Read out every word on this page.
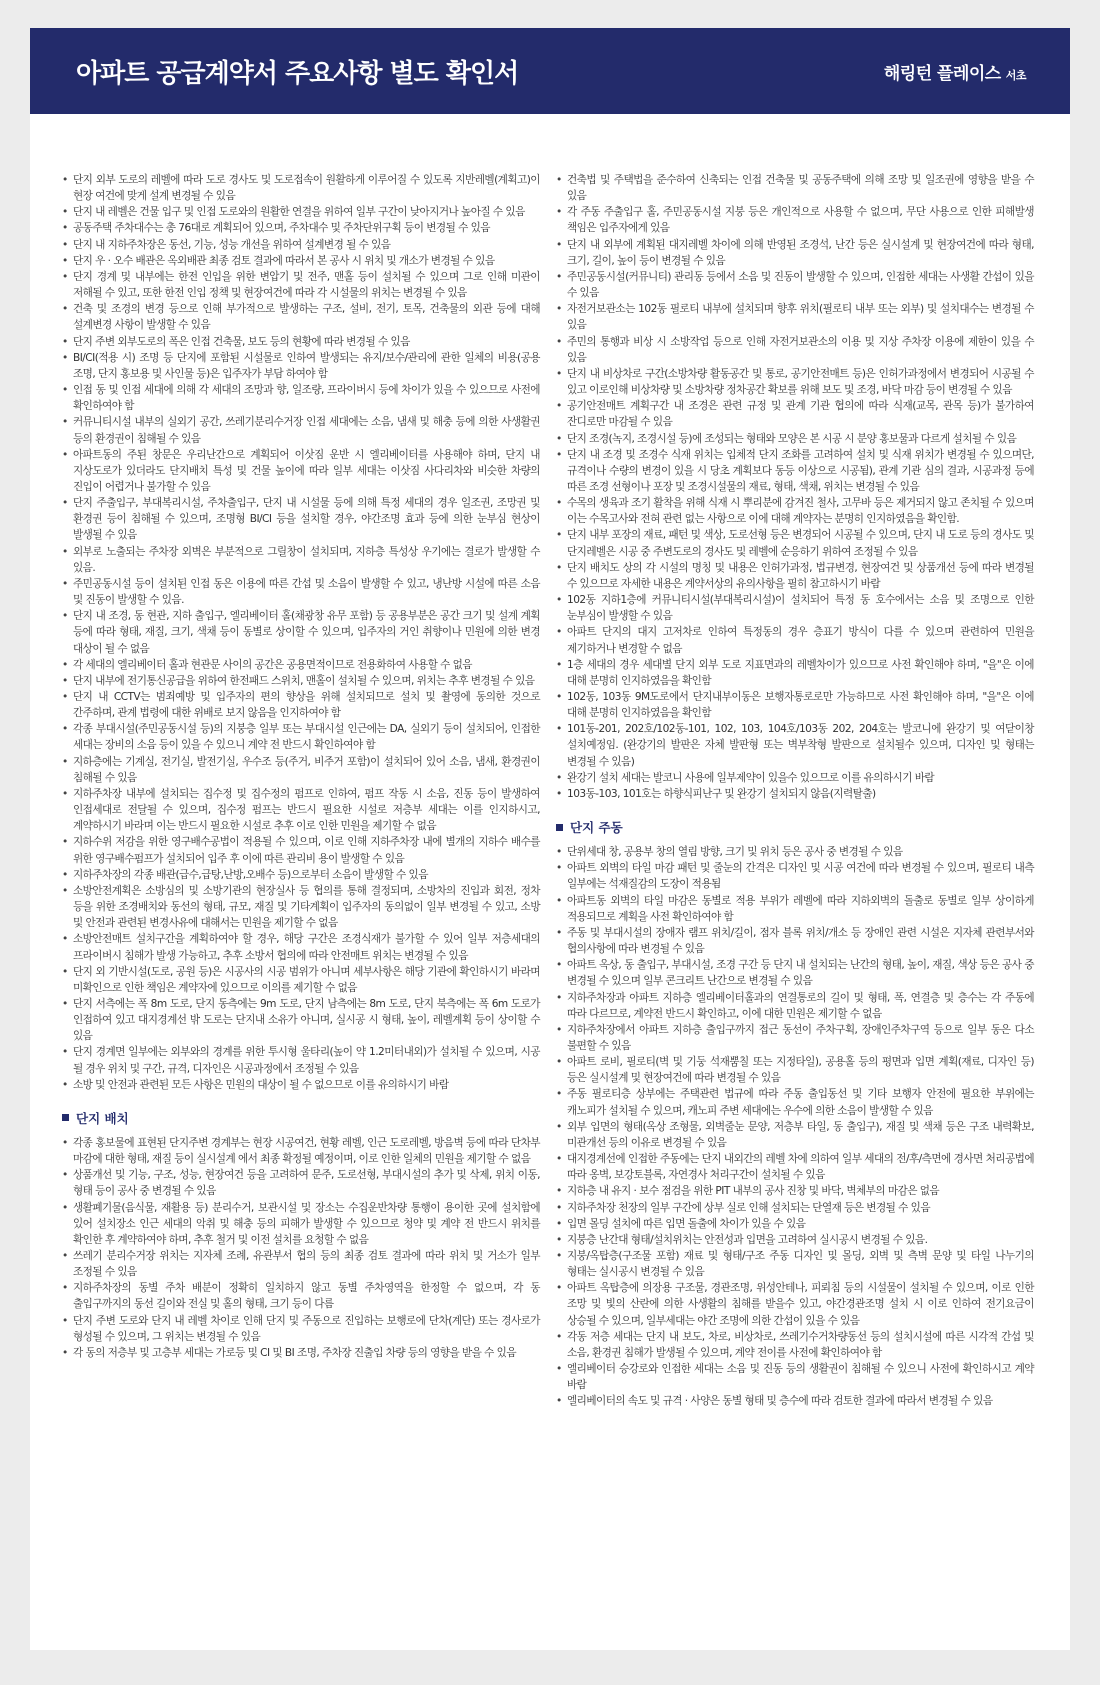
아파트 공급계약서 주요사항 별도 확인서	해링턴 플레이스 서초
• 단지 외부 도로의 레벨에 따라 도로 경사도 및 도로접속이 원활하게 이루어질 수 있도록 지반레벨(계획고)이 현장 여건에 맞게 설계 변경될 수 있음
• 단지 내 레벨은 건물 입구 및 인접 도로와의 원활한 연결을 위하여 일부 구간이 낮아지거나 높아질 수 있음
• 공동주택 주차대수는 총 76대로 계획되어 있으며, 주차대수 및 주차단위구획 등이 변경될 수 있음
• 단지 내 지하주차장은 동선, 기능, 성능 개선을 위하여 설계변경 될 수 있음
• 단지 우 · 오수 배관은 옥외배관 최종 검토 결과에 따라서 본 공사 시 위치 및 개소가 변경될 수 있음
• 단지 경계 및 내부에는 한전 인입을 위한 변압기 및 전주, 맨홀 등이 설치될 수 있으며 그로 인해 미관이 저해될 수 있고, 또한 한전 인입 정책 및 현장여건에 따라 각 시설물의 위치는 변경될 수 있음
• 건축 및 조경의 변경 등으로 인해 부가적으로 발생하는 구조, 설비, 전기, 토목, 건축물의 외관 등에 대해 설계변경 사항이 발생할 수 있음
• 단지 주변 외부도로의 폭은 인접 건축물, 보도 등의 현황에 따라 변경될 수 있음
• BI/CI(적용 시) 조명 등 단지에 포함된 시설물로 인하여 발생되는 유지/보수/관리에 관한 일체의 비용(공용 조명, 단지 홍보용 및 사인물 등)은 입주자가 부담 하여야 함
• 인접 동 및 인접 세대에 의해 각 세대의 조망과 향, 일조량, 프라이버시 등에 차이가 있을 수 있으므로 사전에 확인하여야 함
• 커뮤니티시설 내부의 실외기 공간, 쓰레기분리수거장 인접 세대에는 소음, 냄새 및 해충 등에 의한 사생활권 등의 환경권이 침해될 수 있음
• 아파트동의 주된 창문은 우리난간으로 계획되어 이삿짐 운반 시 엘리베이터를 사용해야 하며, 단지 내 지상도로가 있더라도 단지배치 특성 및 건물 높이에 따라 일부 세대는 이삿짐 사다리차와 비슷한 차량의 진입이 어렵거나 불가할 수 있음
• 단지 주출입구, 부대복리시설, 주차출입구, 단지 내 시설물 등에 의해 특정 세대의 경우 일조권, 조망권 및 환경권 등이 침해될 수 있으며, 조명형 BI/CI 등을 설치할 경우, 야간조명 효과 등에 의한 눈부심 현상이 발생될 수 있음
• 외부로 노출되는 주차장 외벽은 부분적으로 그릴창이 설치되며, 지하층 특성상 우기에는 결로가 발생할 수 있음.
• 주민공동시설 등이 설치된 인접 동은 이용에 따른 간섭 및 소음이 발생할 수 있고, 냉난방 시설에 따른 소음 및 진동이 발생할 수 있음.
• 단지 내 조경, 동 현관, 지하 출입구, 엘리베이터 홀(채광창 유무 포함) 등 공용부분은 공간 크기 및 설계 계획 등에 따라 형태, 재질, 크기, 색채 등이 동별로 상이할 수 있으며, 입주자의 거인 취향이나 민원에 의한 변경 대상이 될 수 없음
• 각 세대의 엘리베이터 홀과 현관문 사이의 공간은 공용면적이므로 전용화하여 사용할 수 없음
• 단지 내부에 전기통신공급을 위하여 한전패드 스위치, 맨홀이 설치될 수 있으며, 위치는 추후 변경될 수 있음
• 단지 내 CCTV는 범죄예방 및 입주자의 편의 향상을 위해 설치되므로 설치 및 촬영에 동의한 것으로 간주하며, 관계 법령에 대한 위배로 보지 않음을 인지하여야 함
• 각종 부대시설(주민공동시설 등)의 지붕층 일부 또는 부대시설 인근에는 DA, 실외기 등이 설치되어, 인접한 세대는 장비의 소음 등이 있을 수 있으니 계약 전 반드시 확인하여야 함
• 지하층에는 기계실, 전기실, 발전기실, 우수조 등(주거, 비주거 포함)이 설치되어 있어 소음, 냄새, 환경권이 침해될 수 있음
• 지하주차장 내부에 설치되는 집수정 및 집수정의 펌프로 인하여, 펌프 작동 시 소음, 진동 등이 발생하여 인접세대로 전달될 수 있으며, 집수정 펌프는 반드시 필요한 시설로 저층부 세대는 이를 인지하시고, 계약하시기 바라며 이는 반드시 필요한 시설로 추후 이로 인한 민원을 제기할 수 없음
• 지하수위 저감을 위한 영구배수공법이 적용될 수 있으며, 이로 인해 지하주차장 내에 별개의 지하수 배수를 위한 영구배수펌프가 설치되어 입주 후 이에 따른 관리비 용이 발생할 수 있음
• 지하주차장의 각종 배관(급수,급탕,난방,오배수 등)으로부터 소음이 발생할 수 있음
• 소방안전계획은 소방심의 및 소방기관의 현장실사 등 협의를 통해 결정되며, 소방차의 진입과 회전, 정차 등을 위한 조경배치와 동선의 형태, 규모, 재질 및 기타계획이 입주자의 동의없이 일부 변경될 수 있고, 소방 및 안전과 관련된 변경사유에 대해서는 민원을 제기할 수 없음
• 소방안전매트 설치구간을 계획하여야 할 경우, 해당 구간은 조경식재가 불가할 수 있어 일부 저층세대의 프라이버시 침해가 발생 가능하고, 추후 소방서 협의에 따라 안전매트 위치는 변경될 수 있음
• 단지 외 기반시설(도로, 공원 등)은 시공사의 시공 범위가 아니며 세부사항은 해당 기관에 확인하시기 바라며 미확인으로 인한 책임은 계약자에 있으므로 이의를 제기할 수 없음
• 단지 서측에는 폭 8m 도로, 단지 동측에는 9m 도로, 단지 남측에는 8m 도로, 단지 북측에는 폭 6m 도로가 인접하여 있고 대지경계선 밖 도로는 단지내 소유가 아니며, 실시공 시 형태, 높이, 레벨계획 등이 상이할 수 있음
• 단지 경계면 일부에는 외부와의 경계를 위한 투시형 울타리(높이 약 1.2미터내외)가 설치될 수 있으며, 시공 될 경우 위치 및 구간, 규격, 디자인은 시공과정에서 조정될 수 있음
• 소방 및 안전과 관련된 모든 사항은 민원의 대상이 될 수 없으므로 이를 유의하시기 바람
단지 배치
• 각종 홍보물에 표현된 단지주변 경계부는 현장 시공여건, 현황 레벨, 인근 도로레벨, 방음벽 등에 따라 단차부 마감에 대한 형태, 재질 등이 실시설계 에서 최종 확정될 예정이며, 이로 인한 일체의 민원을 제기할 수 없음
• 상품개선 및 기능, 구조, 성능, 현장여건 등을 고려하여 문주, 도로선형, 부대시설의 추가 및 삭제, 위치 이동, 형태 등이 공사 중 변경될 수 있음
• 생활폐기물(음식물, 재활용 등) 분리수거, 보관시설 및 장소는 수집운반차량 통행이 용이한 곳에 설치함에 있어 설치장소 인근 세대의 악취 및 해충 등의 피해가 발생할 수 있으므로 청약 및 계약 전 반드시 위치를 확인한 후 계약하여야 하며, 추후 철거 및 이전 설치를 요청할 수 없음
• 쓰레기 분리수거장 위치는 지자체 조례, 유관부서 협의 등의 최종 검토 결과에 따라 위치 및 거소가 일부 조정될 수 있음
• 지하주차장의 동별 주차 배분이 정확히 일치하지 않고 동별 주차영역을 한정할 수 없으며, 각 동 출입구까지의 동선 길이와 전실 및 홀의 형태, 크기 등이 다름
• 단지 주변 도로와 단지 내 레벨 차이로 인해 단지 및 주동으로 진입하는 보행로에 단차(계단) 또는 경사로가 형성될 수 있으며, 그 위치는 변경될 수 있음
• 각 동의 저층부 및 고층부 세대는 가로등 및 CI 및 BI 조명, 주차장 진출입 차량 등의 영향을 받을 수 있음
• 건축법 및 주택법을 준수하여 신축되는 인접 건축물 및 공동주택에 의해 조망 및 일조권에 영향을 받을 수 있음
• 각 주동 주출입구 홀, 주민공동시설 지붕 등은 개인적으로 사용할 수 없으며, 무단 사용으로 인한 피해발생 책임은 입주자에게 있음
• 단지 내 외부에 계획된 대지레벨 차이에 의해 반영된 조경석, 난간 등은 실시설계 및 현장여건에 따라 형태, 크기, 길이, 높이 등이 변경될 수 있음
• 주민공동시설(커뮤니티) 관리동 등에서 소음 및 진동이 발생할 수 있으며, 인접한 세대는 사생활 간섭이 있을 수 있음
• 자전거보관소는 102동 필로티 내부에 설치되며 향후 위치(필로티 내부 또는 외부) 및 설치대수는 변경될 수 있음
• 주민의 통행과 비상 시 소방작업 등으로 인해 자전거보관소의 이용 및 지상 주차장 이용에 제한이 있을 수 있음
• 단지 내 비상차로 구간(소방차량 활동공간 및 통로, 공기안전매트 등)은 인허가과정에서 변경되어 시공될 수 있고 이로인해 비상차량 및 소방차량 정차공간 확보를 위해 보도 및 조경, 바닥 마감 등이 변경될 수 있음
• 공기안전매트 계획구간 내 조경은 관련 규정 및 관계 기관 협의에 따라 식재(교목, 관목 등)가 불가하여 잔디로만 마감될 수 있음
• 단지 조경(녹지, 조경시설 등)에 조성되는 형태와 모양은 본 시공 시 분양 홍보물과 다르게 설치될 수 있음
• 단지 내 조경 및 조경수 식재 위치는 입체적 단지 조화를 고려하여 설치 및 식재 위치가 변경될 수 있으며단, 규격이나 수량의 변경이 있을 시 당초 계획보다 동등 이상으로 시공됨), 관계 기관 심의 결과, 시공과정 등에 따른 조경 선형이나 포장 및 조경시설물의 재료, 형태, 색채, 위치는 변경될 수 있음
• 수목의 생육과 조기 활착을 위해 식재 시 뿌리분에 감겨진 철사, 고무바 등은 제거되지 않고 존치될 수 있으며 이는 수목고사와 전혀 관련 없는 사항으로 이에 대해 계약자는 분명히 인지하였음을 확인함.
• 단지 내부 포장의 재료, 패턴 및 색상, 도로선형 등은 변경되어 시공될 수 있으며, 단지 내 도로 등의 경사도 및 단지레벨은 시공 중 주변도로의 경사도 및 레벨에 순응하기 위하여 조정될 수 있음
• 단지 배치도 상의 각 시설의 명칭 및 내용은 인허가과정, 법규변경, 현장여건 및 상품개선 등에 따라 변경될 수 있으므로 자세한 내용은 계약서상의 유의사항을 필히 참고하시기 바람
• 102동 지하1층에 커뮤니티시설(부대복리시설)이 설치되어 특정 동 호수에서는 소음 및 조명으로 인한 눈부심이 발생할 수 있음
• 아파트 단지의 대지 고저차로 인하여 특정동의 경우 층표기 방식이 다를 수 있으며 관련하여 민원을 제기하거나 변경할 수 없음
• 1층 세대의 경우 세대별 단지 외부 도로 지표면과의 레벨차이가 있으므로 사전 확인해야 하며, "을"은 이에 대해 분명히 인지하였음을 확인함
• 102동, 103동 9M도로에서 단지내부이동은 보행자통로로만 가능하므로 사전 확인해야 하며, "을"은 이에 대해 분명히 인지하였음을 확인함
• 101동-201, 202호/102동-101, 102, 103, 104호/103동 202, 204호는 발코니에 완강기 및 여닫이창 설치예정임. (완강기의 발판은 자체 발판형 또는 벽부착형 발판으로 설치될수 있으며, 디자인 및 형태는 변경될 수 있음)
• 완강기 설치 세대는 발코니 사용에 일부제약이 있을수 있으므로 이를 유의하시기 바람
• 103동-103, 101호는 하향식피난구 및 완강기 설치되지 않음(지력탈출)
단지 주동
• 단위세대 창, 공용부 창의 열림 방향, 크기 및 위치 등은 공사 중 변경될 수 있음
• 아파트 외벽의 타일 마감 패턴 및 줄눈의 간격은 디자인 및 시공 여건에 따라 변경될 수 있으며, 필로티 내측 일부에는 석재질감의 도장이 적용됨
• 아파트동 외벽의 타일 마감은 동별로 적용 부위가 레벨에 따라 지하외벽의 돌출로 동별로 일부 상이하게 적용되므로 계획을 사전 확인하여야 함
• 주동 및 부대시설의 장애자 램프 위치/길이, 점자 블록 위치/개소 등 장애인 관련 시설은 지자체 관련부서와 협의사항에 따라 변경될 수 있음
• 아파트 옥상, 동 출입구, 부대시설, 조경 구간 등 단지 내 설치되는 난간의 형태, 높이, 재질, 색상 등은 공사 중 변경될 수 있으며 일부 콘크리트 난간으로 변경될 수 있음
• 지하주차장과 아파트 지하층 엘리베이터홀과의 연결통로의 길이 및 형태, 폭, 연결층 및 층수는 각 주동에 따라 다르므로, 계약전 반드시 확인하고, 이에 대한 민원은 제기할 수 없음
• 지하주차장에서 아파트 지하층 출입구까지 접근 동선이 주차구획, 장애인주차구역 등으로 일부 동은 다소 불편할 수 있음
• 아파트 로비, 필로티(벽 및 기둥 석재뿜칠 또는 지정타일), 공용홀 등의 평면과 입면 계획(재료, 디자인 등) 등은 실시설계 및 현장여건에 따라 변경될 수 있음
• 주동 필로티층 상부에는 주택관련 법규에 따라 주동 출입동선 및 기타 보행자 안전에 필요한 부위에는 캐노피가 설치될 수 있으며, 캐노피 주변 세대에는 우수에 의한 소음이 발생할 수 있음
• 외부 입면의 형태(옥상 조형물, 외벽줄눈 문양, 저층부 타일, 동 출입구), 재질 및 색채 등은 구조 내력확보, 미관개선 등의 이유로 변경될 수 있음
• 대지경계선에 인접한 주동에는 단지 내외간의 레벨 차에 의하여 일부 세대의 전/후/측면에 경사면 처리공법에 따라 옹벽, 보강토블록, 자연경사 처리구간이 설치될 수 있음
• 지하층 내 유지 · 보수 점검을 위한 PIT 내부의 공사 진창 및 바닥, 벽체부의 마감은 없음
• 지하주차장 천장의 일부 구간에 상부 실로 인해 설치되는 단열재 등은 변경될 수 있음
• 입면 몰딩 설치에 따른 입면 돌출에 차이가 있을 수 있음
• 지붕층 난간대 형태/설치위치는 안전성과 입면을 고려하여 실시공시 변경될 수 있음.
• 지붕/옥탑층(구조물 포함) 재료 및 형태/구조 주동 디자인 및 몰딩, 외벽 및 측벽 문양 및 타일 나누기의 형태는 실시공시 변경될 수 있음
• 아파트 옥탑층에 의장용 구조물, 경관조명, 위성안테나, 피뢰침 등의 시설물이 설치될 수 있으며, 이로 인한 조망 및 빛의 산란에 의한 사생활의 침해를 받을수 있고, 야간경관조명 설치 시 이로 인하여 전기요금이 상승될 수 있으며, 일부세대는 야간 조명에 의한 간섭이 있을 수 있음
• 각동 저층 세대는 단지 내 보도, 차로, 비상차로, 쓰레기수거차량동선 등의 설치시설에 따른 시각적 간섭 및 소음, 환경권 침해가 발생될 수 있으며, 계약 전이를 사전에 확인하여야 함
• 엘리베이터 승강로와 인접한 세대는 소음 및 진동 등의 생활권이 침해될 수 있으니 사전에 확인하시고 계약 바람
• 엘리베이터의 속도 및 규격 · 사양은 동별 형태 및 층수에 따라 검토한 결과에 따라서 변경될 수 있음
